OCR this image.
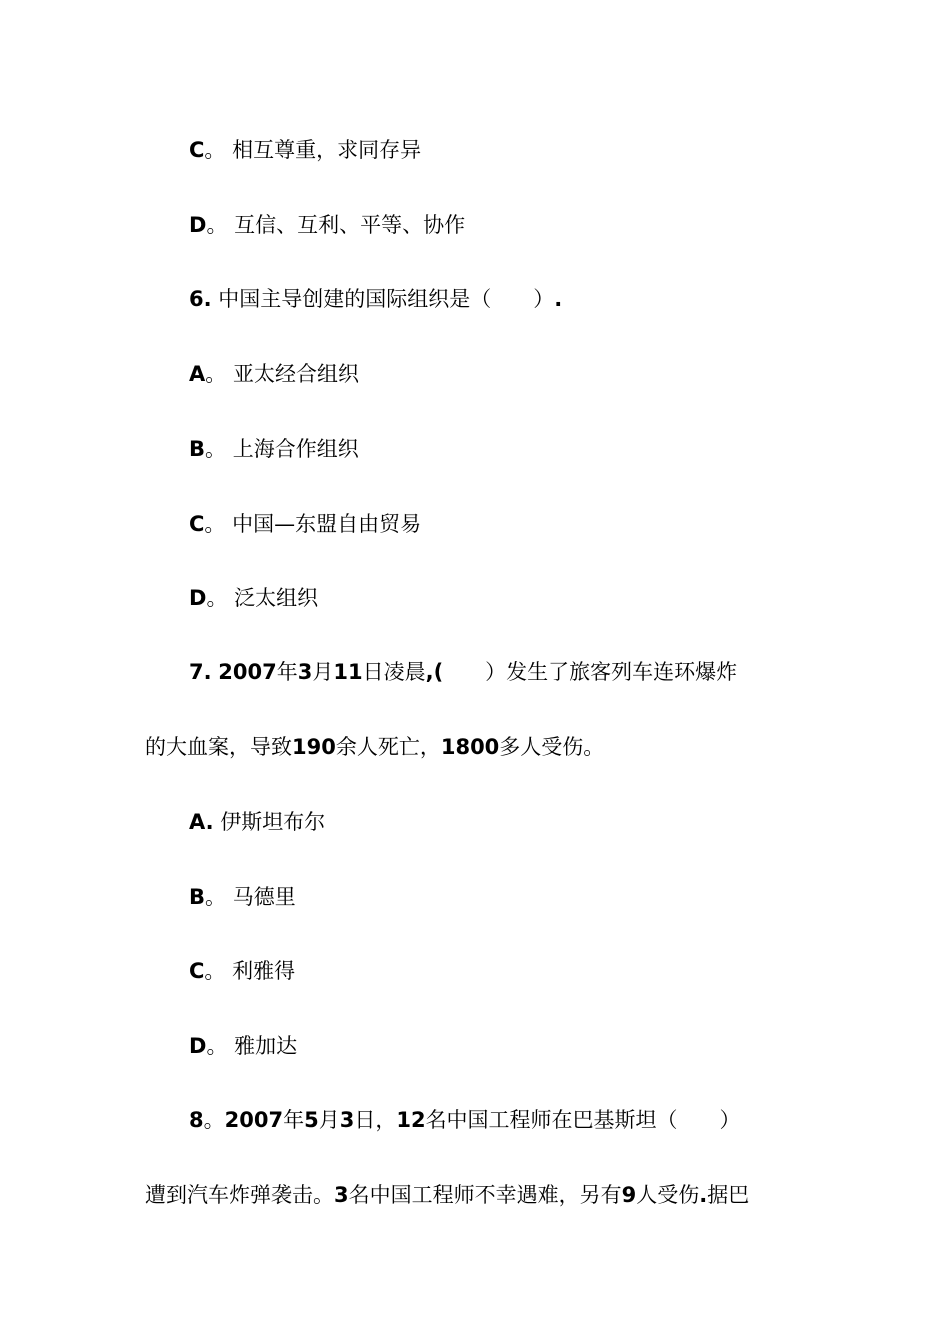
C。 相互尊重，求同存异
D。 互信、互利、平等、协作
6. 中国主导创建的国际组织是（　　）.
A。 亚太经合组织
B。 上海合作组织
C。 中国—东盟自由贸易
D。 泛太组织
7. 2007年3月11日凌晨,(　　）发生了旅客列车连环爆炸
的大血案，导致190余人死亡，1800多人受伤。
A. 伊斯坦布尔
B。 马德里
C。 利雅得
D。 雅加达
8。2007年5月3日，12名中国工程师在巴基斯坦（　　）
遭到汽车炸弹袭击。3名中国工程师不幸遇难，另有9人受伤.据巴
